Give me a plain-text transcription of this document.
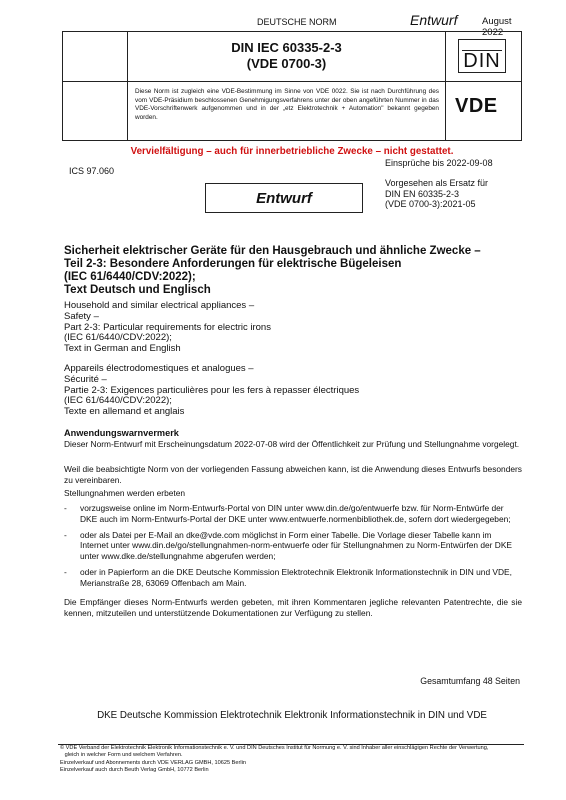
DEUTSCHE NORM	Entwurf	August 2022
DIN IEC 60335-2-3
(VDE 0700-3)
Diese Norm ist zugleich eine VDE-Bestimmung im Sinne von VDE 0022. Sie ist nach Durchführung des vom VDE-Präsidium beschlossenen Genehmigungsverfahrens unter der oben angeführten Nummer in das VDE-Vorschriftenwerk aufgenommen und in der „etz Elektrotechnik + Automation" bekannt gegeben worden.
DIN
VDE
Vervielfältigung – auch für innerbetriebliche Zwecke – nicht gestattet.
Einsprüche bis 2022-09-08
ICS 97.060
Vorgesehen als Ersatz für
DIN EN 60335-2-3
(VDE 0700-3):2021-05
Entwurf
Sicherheit elektrischer Geräte für den Hausgebrauch und ähnliche Zwecke –
Teil 2-3: Besondere Anforderungen für elektrische Bügeleisen
(IEC 61/6440/CDV:2022);
Text Deutsch und Englisch
Household and similar electrical appliances –
Safety –
Part 2-3: Particular requirements for electric irons
(IEC 61/6440/CDV:2022);
Text in German and English
Appareils électrodomestiques et analogues –
Sécurité –
Partie 2-3: Exigences particulières pour les fers à repasser électriques
(IEC 61/6440/CDV:2022);
Texte en allemand et anglais
Anwendungswarnvermerk
Dieser Norm-Entwurf mit Erscheinungsdatum 2022-07-08 wird der Öffentlichkeit zur Prüfung und Stellungnahme vorgelegt.
Weil die beabsichtigte Norm von der vorliegenden Fassung abweichen kann, ist die Anwendung dieses Entwurfs besonders zu vereinbaren.
Stellungnahmen werden erbeten
- vorzugsweise online im Norm-Entwurfs-Portal von DIN unter www.din.de/go/entwuerfe bzw. für Norm-Entwürfe der DKE auch im Norm-Entwurfs-Portal der DKE unter www.entwuerfe.normenbibliothek.de, sofern dort wiedergegeben;
- oder als Datei per E-Mail an dke@vde.com möglichst in Form einer Tabelle. Die Vorlage dieser Tabelle kann im Internet unter www.din.de/go/stellungnahmen-norm-entwuerfe oder für Stellungnahmen zu Norm-Entwürfen der DKE unter www.dke.de/stellungnahme abgerufen werden;
- oder in Papierform an die DKE Deutsche Kommission Elektrotechnik Elektronik Informationstechnik in DIN und VDE, Merianstraße 28, 63069 Offenbach am Main.
Die Empfänger dieses Norm-Entwurfs werden gebeten, mit ihren Kommentaren jegliche relevanten Patentrechte, die sie kennen, mitzuteilen und unterstützende Dokumentationen zur Verfügung zu stellen.
Gesamtumfang 48 Seiten
DKE Deutsche Kommission Elektrotechnik Elektronik Informationstechnik in DIN und VDE
© VDE Verband der Elektrotechnik Elektronik Informationstechnik e. V. und DIN Deutsches Institut für Normung e. V. sind Inhaber aller einschlägigen Rechte der Verwertung,
gleich in welcher Form und welchem Verfahren.
Einzelverkauf und Abonnements durch VDE VERLAG GMBH, 10625 Berlin
Einzelverkauf auch durch Beuth Verlag GmbH, 10772 Berlin
